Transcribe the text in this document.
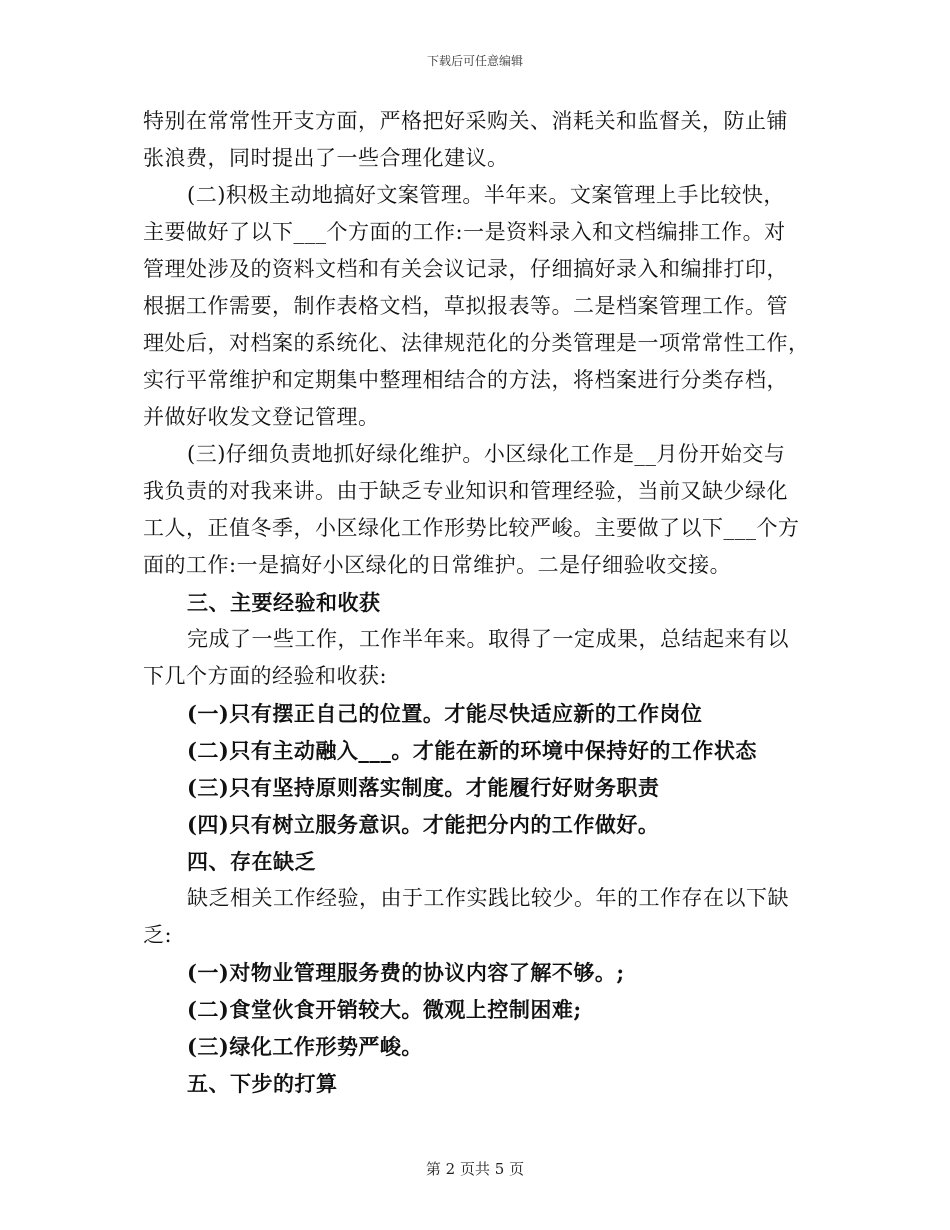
下载后可任意编辑
特别在常常性开支方面，严格把好采购关、消耗关和监督关，防止铺
张浪费，同时提出了一些合理化建议。
(二)积极主动地搞好文案管理。半年来。文案管理上手比较快，
主要做好了以下___个方面的工作:一是资料录入和文档编排工作。对
管理处涉及的资料文档和有关会议记录，仔细搞好录入和编排打印，
根据工作需要，制作表格文档，草拟报表等。二是档案管理工作。管
理处后，对档案的系统化、法律规范化的分类管理是一项常常性工作，
实行平常维护和定期集中整理相结合的方法，将档案进行分类存档，
并做好收发文登记管理。
(三)仔细负责地抓好绿化维护。小区绿化工作是__月份开始交与
我负责的对我来讲。由于缺乏专业知识和管理经验，当前又缺少绿化
工人，正值冬季，小区绿化工作形势比较严峻。主要做了以下___个方
面的工作:一是搞好小区绿化的日常维护。二是仔细验收交接。
三、主要经验和收获
完成了一些工作，工作半年来。取得了一定成果，总结起来有以
下几个方面的经验和收获:
(一)只有摆正自己的位置。才能尽快适应新的工作岗位
(二)只有主动融入___。才能在新的环境中保持好的工作状态
(三)只有坚持原则落实制度。才能履行好财务职责
(四)只有树立服务意识。才能把分内的工作做好。
四、存在缺乏
缺乏相关工作经验，由于工作实践比较少。年的工作存在以下缺
乏:
(一)对物业管理服务费的协议内容了解不够。;
(二)食堂伙食开销较大。微观上控制困难;
(三)绿化工作形势严峻。
五、下步的打算
第 2 页共 5 页
